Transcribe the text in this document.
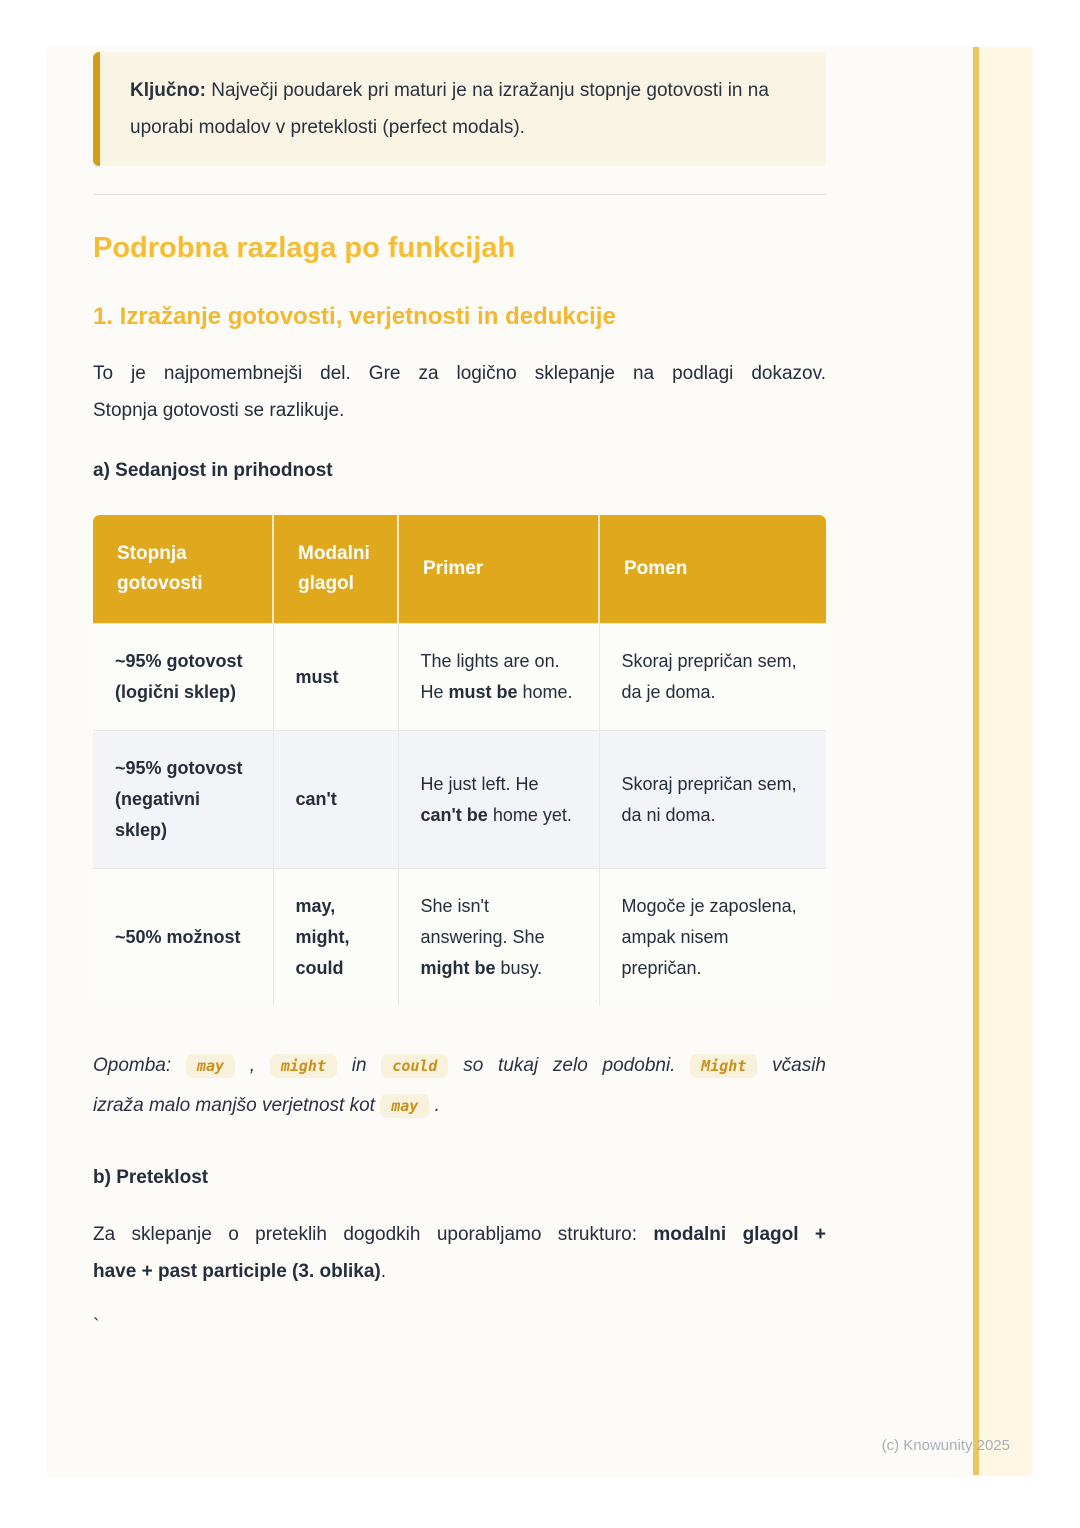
Ključno: Največji poudarek pri maturi je na izražanju stopnje gotovosti in na uporabi modalov v preteklosti (perfect modals).
Podrobna razlaga po funkcijah
1. Izražanje gotovosti, verjetnosti in dedukcije

To je najpomembnejši del. Gre za logično sklepanje na podlagi dokazov.
Stopnja gotovosti se razlikuje.

a) Sedanjost in prihodnost

Stopnja gotovosti	Modalni glagol	Primer	Pomen
~95% gotovost (logični sklep)	must	The lights are on. He must be home.	Skoraj prepričan sem, da je doma.
~95% gotovost (negativni sklep)	can't	He just left. He can't be home yet.	Skoraj prepričan sem, da ni doma.
~50% možnost	may, might, could	She isn't answering. She might be busy.	Mogoče je zaposlena, ampak nisem prepričan.

Opomba: may , might in could so tukaj zelo podobni. Might včasih
izraža malo manjšo verjetnost kot may .

b) Preteklost

Za sklepanje o preteklih dogodkih uporabljamo strukturo: modalni glagol +
have + past participle (3. oblika).

`
(c) Knowunity 2025
